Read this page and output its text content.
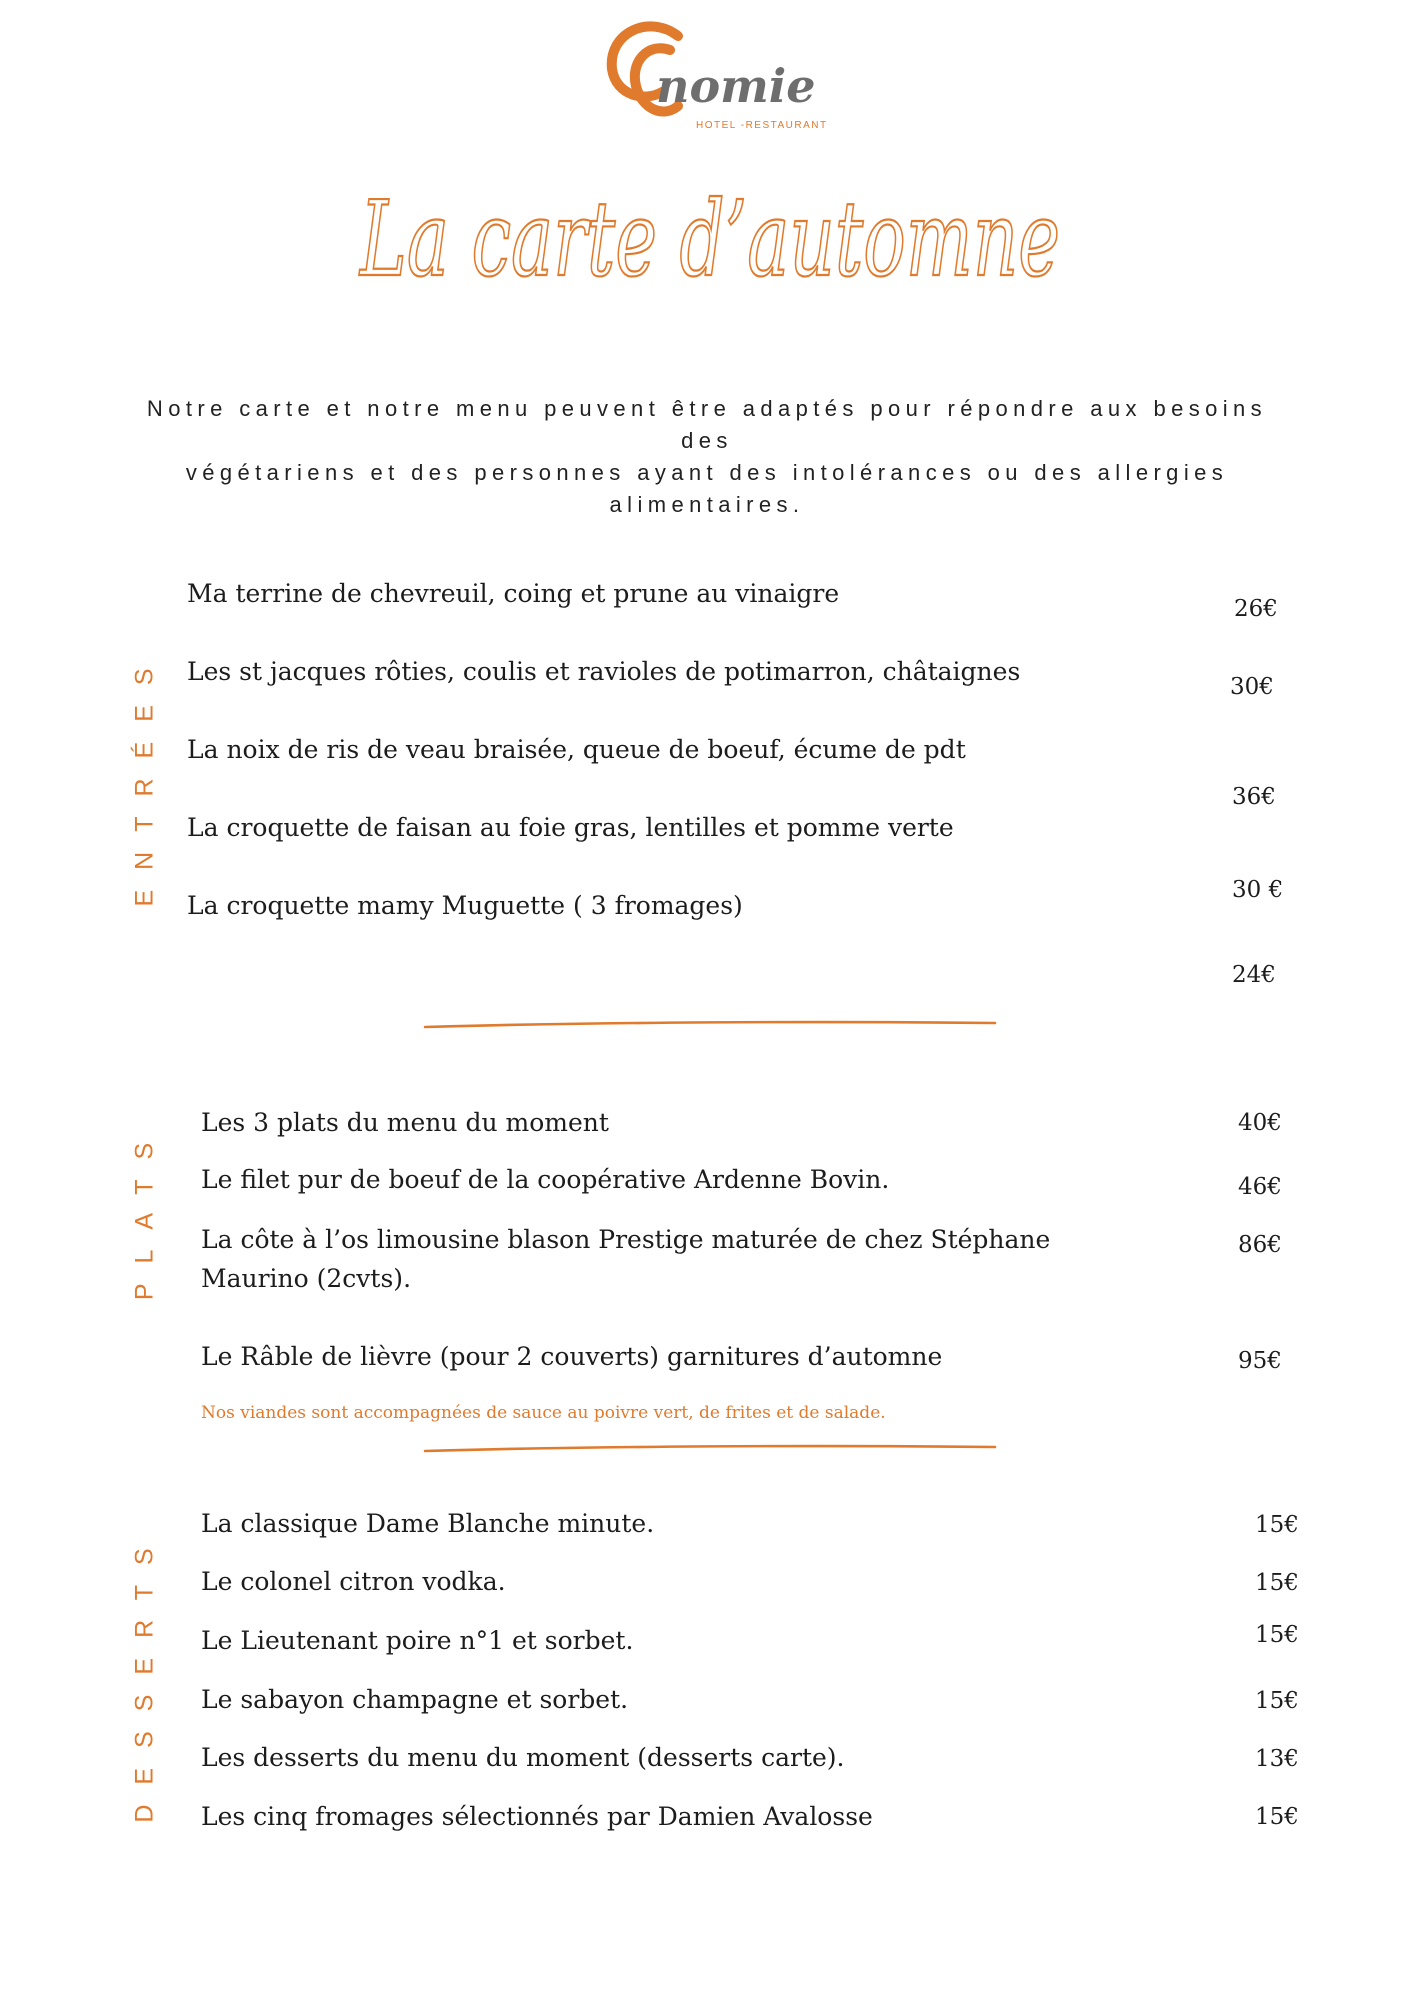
nomie
HOTEL -RESTAURANT
La carte d’automne
Notre carte et notre menu peuvent être adaptés pour répondre aux besoins des
végétariens et des personnes ayant des intolérances ou des allergies
alimentaires.
ENTRÉES
Ma terrine de chevreuil, coing et prune au vinaigre
Les st jacques rôties, coulis et ravioles de potimarron, châtaignes
La noix de ris de veau braisée, queue de boeuf, écume de pdt
La croquette de faisan au foie gras, lentilles et pomme verte
La croquette mamy Muguette ( 3 fromages)
26€
30€
36€
30 €
24€
PLATS
Les 3 plats du menu du moment
Le filet pur de boeuf de la coopérative Ardenne Bovin.
La côte à l’os limousine blason Prestige maturée de chez Stéphane
Maurino (2cvts).
Le Râble de lièvre (pour 2 couverts) garnitures d’automne
40€
46€
86€
95€
Nos viandes sont accompagnées de sauce au poivre vert, de frites et de salade.
DESSERTS
La classique Dame Blanche minute.
Le colonel citron vodka.
Le Lieutenant poire n°1 et sorbet.
Le sabayon champagne et sorbet.
Les desserts du menu du moment (desserts carte).
Les cinq fromages sélectionnés par Damien Avalosse
15€
15€
15€
15€
13€
15€
